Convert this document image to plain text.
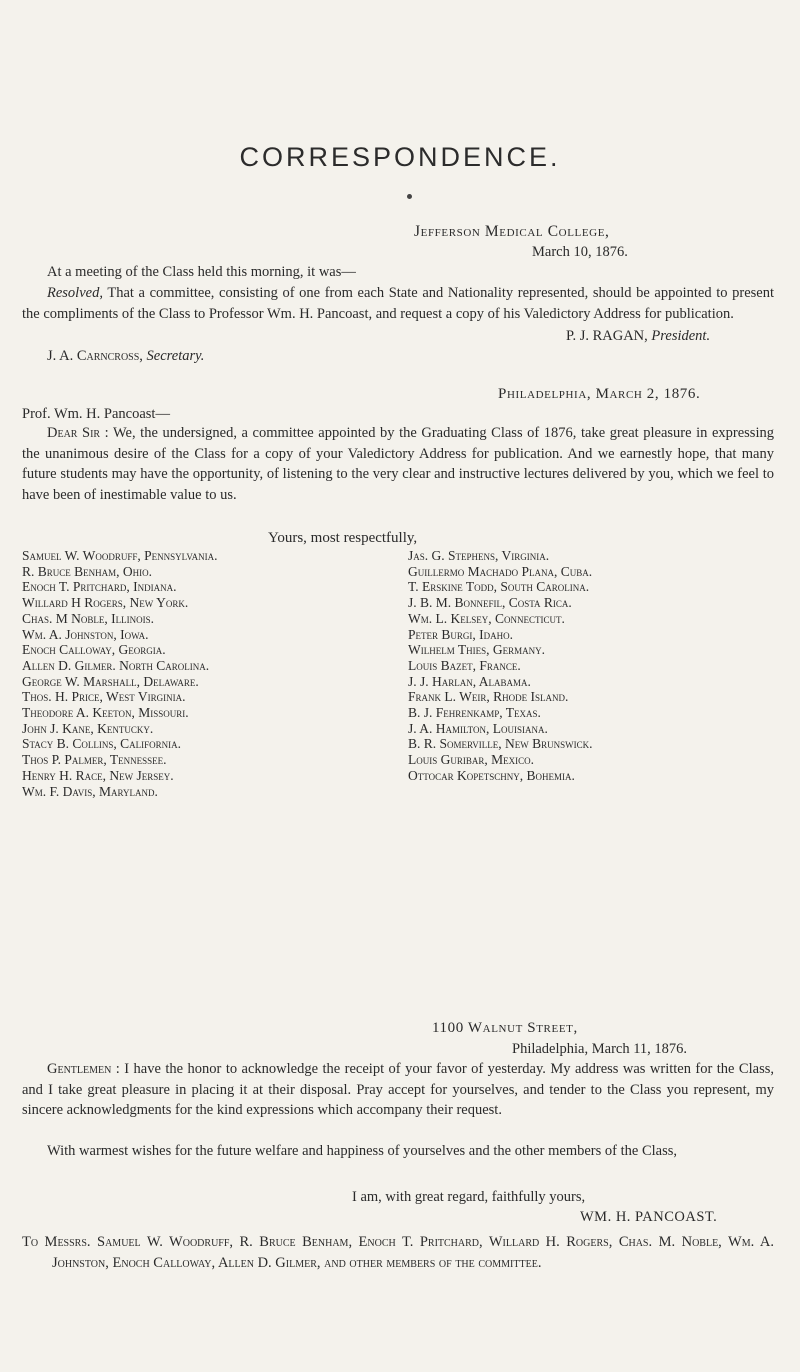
CORRESPONDENCE.
Jefferson Medical College,
March 10, 1876.
At a meeting of the Class held this morning, it was—
Resolved, That a committee, consisting of one from each State and Nationality represented, should be appointed to present the compliments of the Class to Professor Wm. H. Pancoast, and request a copy of his Valedictory Address for publication.
P. J. RAGAN, President.
J. A. Carncross, Secretary.
Philadelphia, March 2, 1876.
Prof. Wm. H. Pancoast—
Dear Sir : We, the undersigned, a committee appointed by the Graduating Class of 1876, take great pleasure in expressing the unanimous desire of the Class for a copy of your Valedictory Address for publication. And we earnestly hope, that many future students may have the opportunity, of listening to the very clear and instructive lectures delivered by you, which we feel to have been of inestimable value to us.
Yours, most respectfully,
Samuel W. Woodruff, Pennsylvania.
R. Bruce Benham, Ohio.
Enoch T. Pritchard, Indiana.
Willard H Rogers, New York.
Chas. M Noble, Illinois.
Wm. A. Johnston, Iowa.
Enoch Calloway, Georgia.
Allen D. Gilmer. North Carolina.
George W. Marshall, Delaware.
Thos. H. Price, West Virginia.
Theodore A. Keeton, Missouri.
John J. Kane, Kentucky.
Stacy B. Collins, California.
Thos P. Palmer, Tennessee.
Henry H. Race, New Jersey.
Wm. F. Davis, Maryland.
Jas. G. Stephens, Virginia.
Guillermo Machado Plana, Cuba.
T. Erskine Todd, South Carolina.
J. B. M. Bonnefil, Costa Rica.
Wm. L. Kelsey, Connecticut.
Peter Burgi, Idaho.
Wilhelm Thies, Germany.
Louis Bazet, France.
J. J. Harlan, Alabama.
Frank L. Weir, Rhode Island.
B. J. Fehrenkamp, Texas.
J. A. Hamilton, Louisiana.
B. R. Somerville, New Brunswick.
Louis Guribar, Mexico.
Ottocar Kopetschny, Bohemia.
1100 Walnut Street,
Philadelphia, March 11, 1876.
Gentlemen : I have the honor to acknowledge the receipt of your favor of yesterday. My address was written for the Class, and I take great pleasure in placing it at their disposal. Pray accept for yourselves, and tender to the Class you represent, my sincere acknowledgments for the kind expressions which accompany their request.
With warmest wishes for the future welfare and happiness of yourselves and the other members of the Class,
I am, with great regard, faithfully yours,
WM. H. PANCOAST.
To Messrs. Samuel W. Woodruff, R. Bruce Benham, Enoch T. Pritchard, Willard H. Rogers, Chas. M. Noble, Wm. A. Johnston, Enoch Calloway, Allen D. Gilmer, and other members of the committee.
